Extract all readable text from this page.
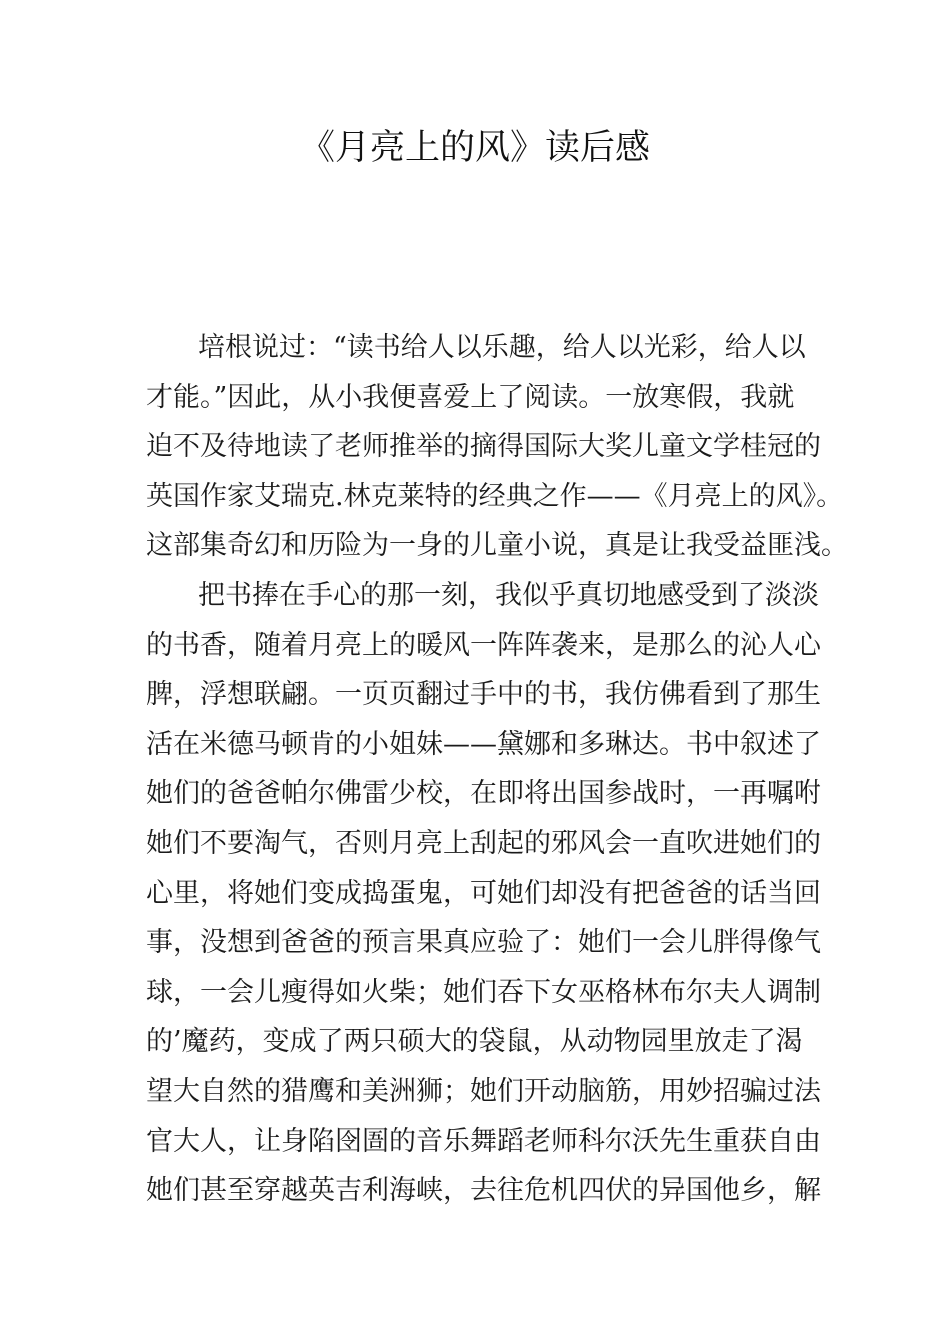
《月亮上的风》读后感
培根说过：“读书给人以乐趣，给人以光彩，给人以
才能。”因此，从小我便喜爱上了阅读。一放寒假，我就
迫不及待地读了老师推举的摘得国际大奖儿童文学桂冠的
英国作家艾瑞克.林克莱特的经典之作——《月亮上的风》。
这部集奇幻和历险为一身的儿童小说，真是让我受益匪浅。
把书捧在手心的那一刻，我似乎真切地感受到了淡淡
的书香，随着月亮上的暖风一阵阵袭来，是那么的沁人心
脾，浮想联翩。一页页翻过手中的书，我仿佛看到了那生
活在米德马顿肯的小姐妹——黛娜和多琳达。书中叙述了
她们的爸爸帕尔佛雷少校，在即将出国参战时，一再嘱咐
她们不要淘气，否则月亮上刮起的邪风会一直吹进她们的
心里，将她们变成捣蛋鬼，可她们却没有把爸爸的话当回
事，没想到爸爸的预言果真应验了：她们一会儿胖得像气
球，一会儿瘦得如火柴；她们吞下女巫格林布尔夫人调制
的’魔药，变成了两只硕大的袋鼠，从动物园里放走了渴
望大自然的猎鹰和美洲狮；她们开动脑筋，用妙招骗过法
官大人，让身陷囹圄的音乐舞蹈老师科尔沃先生重获自由
她们甚至穿越英吉利海峡，去往危机四伏的异国他乡，解
